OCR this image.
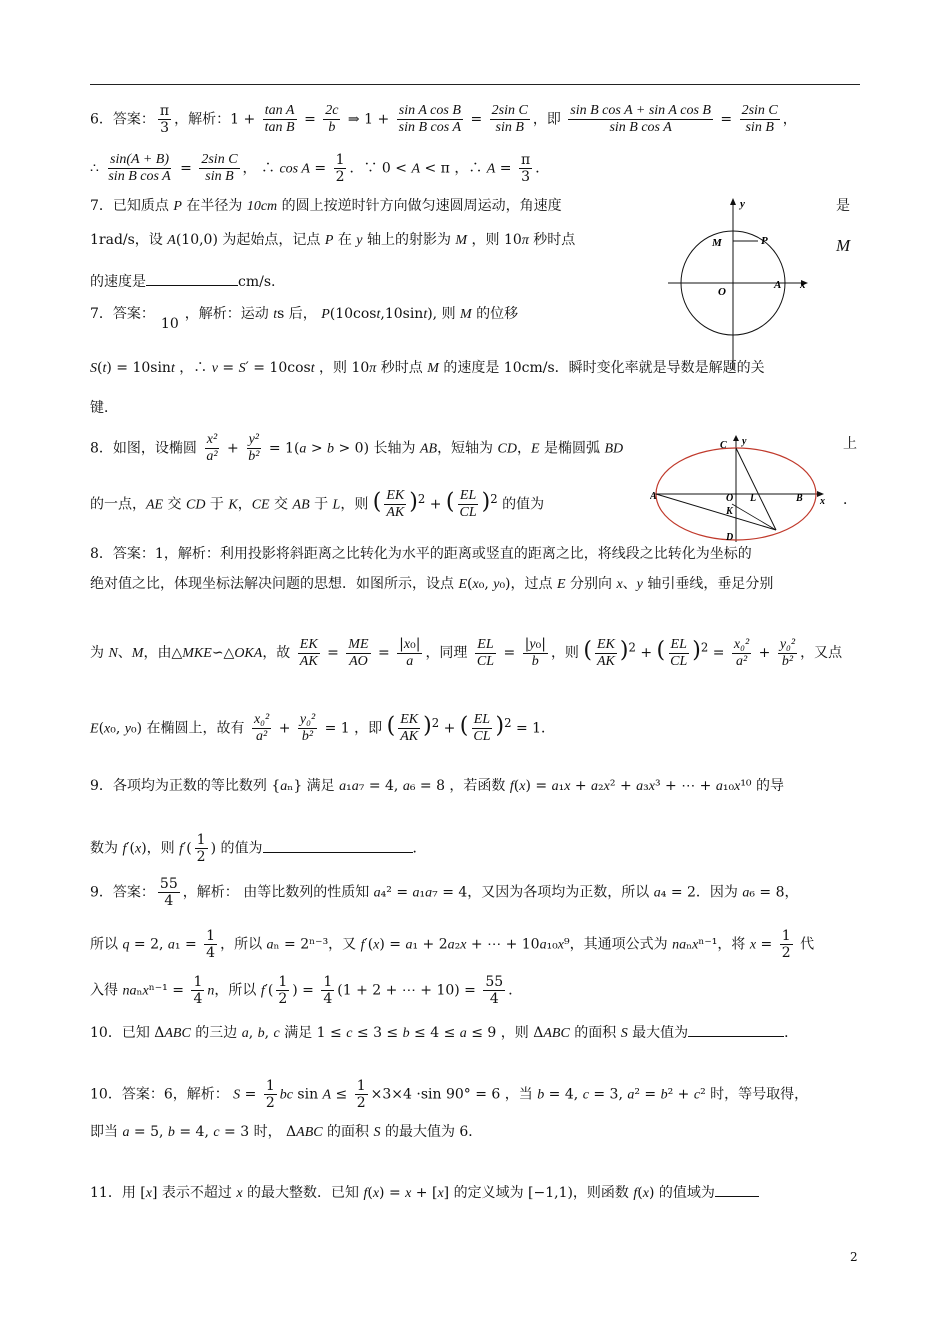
6．答案： $\frac{\pi}{3}$ ，解析：$1 + \frac{\text{tan A}}{\text{tan B}} = \frac{2c}{b}$ ⇒ $1 + \frac{\text{sin A cos B}}{\text{sin B cos A}} = \frac{\text{2sin C}}{\text{sin B}}$ ，即 $\frac{\text{sin B cos A + sin A cos B}}{\text{sin B cos A}} = \frac{\text{2sin C}}{\text{sin B}}$ ，
∴ $\frac{\sin(A + B)}{\text{sin B cos A}} = \frac{\text{2sin C}}{\text{sin B}}$ ， ∴ $\cos A = \frac{1}{2}$ ．∵ 0 < A < π ，∴ $A = \frac{\pi}{3}$ ．
7．已知质点 P 在半径为 10cm 的圆上按逆时针方向做匀速圆周运动，角速度	是
1rad/s，设 A(10,0) 为起始点，记点 P 在 y 轴上的射影为 M ，则 10π 秒时点	M
的速度是	cm/s.
y
M	P
O
A x
7．答案：10，解析：运动 ts 后， P(10cost,10sint), 则 M 的位移
S(t) = 10sint ，∴ v = S′ = 10cost ，则 10π 秒时点 M 的速度是 10cm/s．瞬时变化率就是导数是解题的关
键．
8．如图，设椭圆 $\frac{\text{x²}}{\text{a²}} + \frac{\text{y²}}{\text{b²}} = 1(a > b > 0)$ 长轴为 AB，短轴为 CD，E 是椭圆弧 BD	上
的一点，AE 交 CD 于 K，CE 交 AB 于 L，则 ( $\frac{EK}{AK} )^2$ + ( $\frac{EL}{CL} )^2$ 的值为	．
C y
A	O L	B x
K
D
8．答案：1，解析：利用投影将斜距离之比转化为水平的距离或竖直的距离之比，将线段之比转化为坐标的
绝对值之比，体现坐标法解决问题的思想．如图所示，设点 E(x₀, y₀)，过点 E 分别向 x、y 轴引垂线，垂足分别
为 N、M，由△MKE∽△OKA，故 $\frac{EK}{AK} = \frac{ME}{AO} = \frac{\text{|x₀|}}{a}$ ，同理 $\frac{EL}{CL} = \frac{\text{|y₀|}}{b}$ ，则 ( $\frac{EK}{AK} )^2$ + ( $\frac{EL}{CL} )^2 = \frac{\text{x₀²}}{\text{a²}} + \frac{\text{y₀²}}{\text{b²}}$ ，又点
E(x₀, y₀) 在椭圆上，故有 $\frac{\text{x₀²}}{\text{a²}} + \frac{\text{y₀²}}{\text{b²}} = 1$ ，即 ( $\frac{EK}{AK} )^2$ + ( $\frac{EL}{CL} )^2 = 1$．
9．各项均为正数的等比数列 {aₙ} 满足 a₁a₇ = 4, a₆ = 8 ，若函数 f(x) = a₁x + a₂x² + a₃x³ + ⋯ + a₁₀x¹⁰ 的导
数为 f′(x)，则 $f'( \frac{1}{2}$ ) 的值为	．
9．答案： $\frac{55}{4}$ ，解析： 由等比数列的性质知 a₄² = a₁a₇ = 4，又因为各项均为正数，所以 a₄ = 2．因为 a₆ = 8，
所以 q = 2, $a_1 = \frac{1}{4}$ ，所以 aₙ = 2ⁿ⁻³，又 f′(x) = a₁ + 2a₂x + ⋯ + 10a₁₀x⁹，其通项公式为 naₙxⁿ⁻¹，将 $x = \frac{1}{2}$ 代
入得 $na_nx^{n-1} = \frac{1}{4}$ n，所以 $f'( \frac{1}{2}$ ) = $\frac{1}{4} (1 + 2$ + ⋯ + $10) = \frac{55}{4}$ ．
10．已知 ΔABC 的三边 a, b, c 满足 1 ≤ c ≤ 3 ≤ b ≤ 4 ≤ a ≤ 9 ，则 ΔABC 的面积 S 最大值为	．
10．答案：6，解析： $S = \frac{1}{2}$ bc $\sin A \le \frac{1}{2} \times 3\times 4 \cdot\sin$ 90° = 6 ，当 b = 4, c = 3, a² = b² + c² 时，等号取得，
即当 a = 5, b = 4, c = 3 时， ΔABC 的面积 S 的最大值为 6．
11．用 [x] 表示不超过 x 的最大整数．已知 f(x) = x + [x] 的定义域为 [−1,1)，则函数 f(x) 的值域为
2
